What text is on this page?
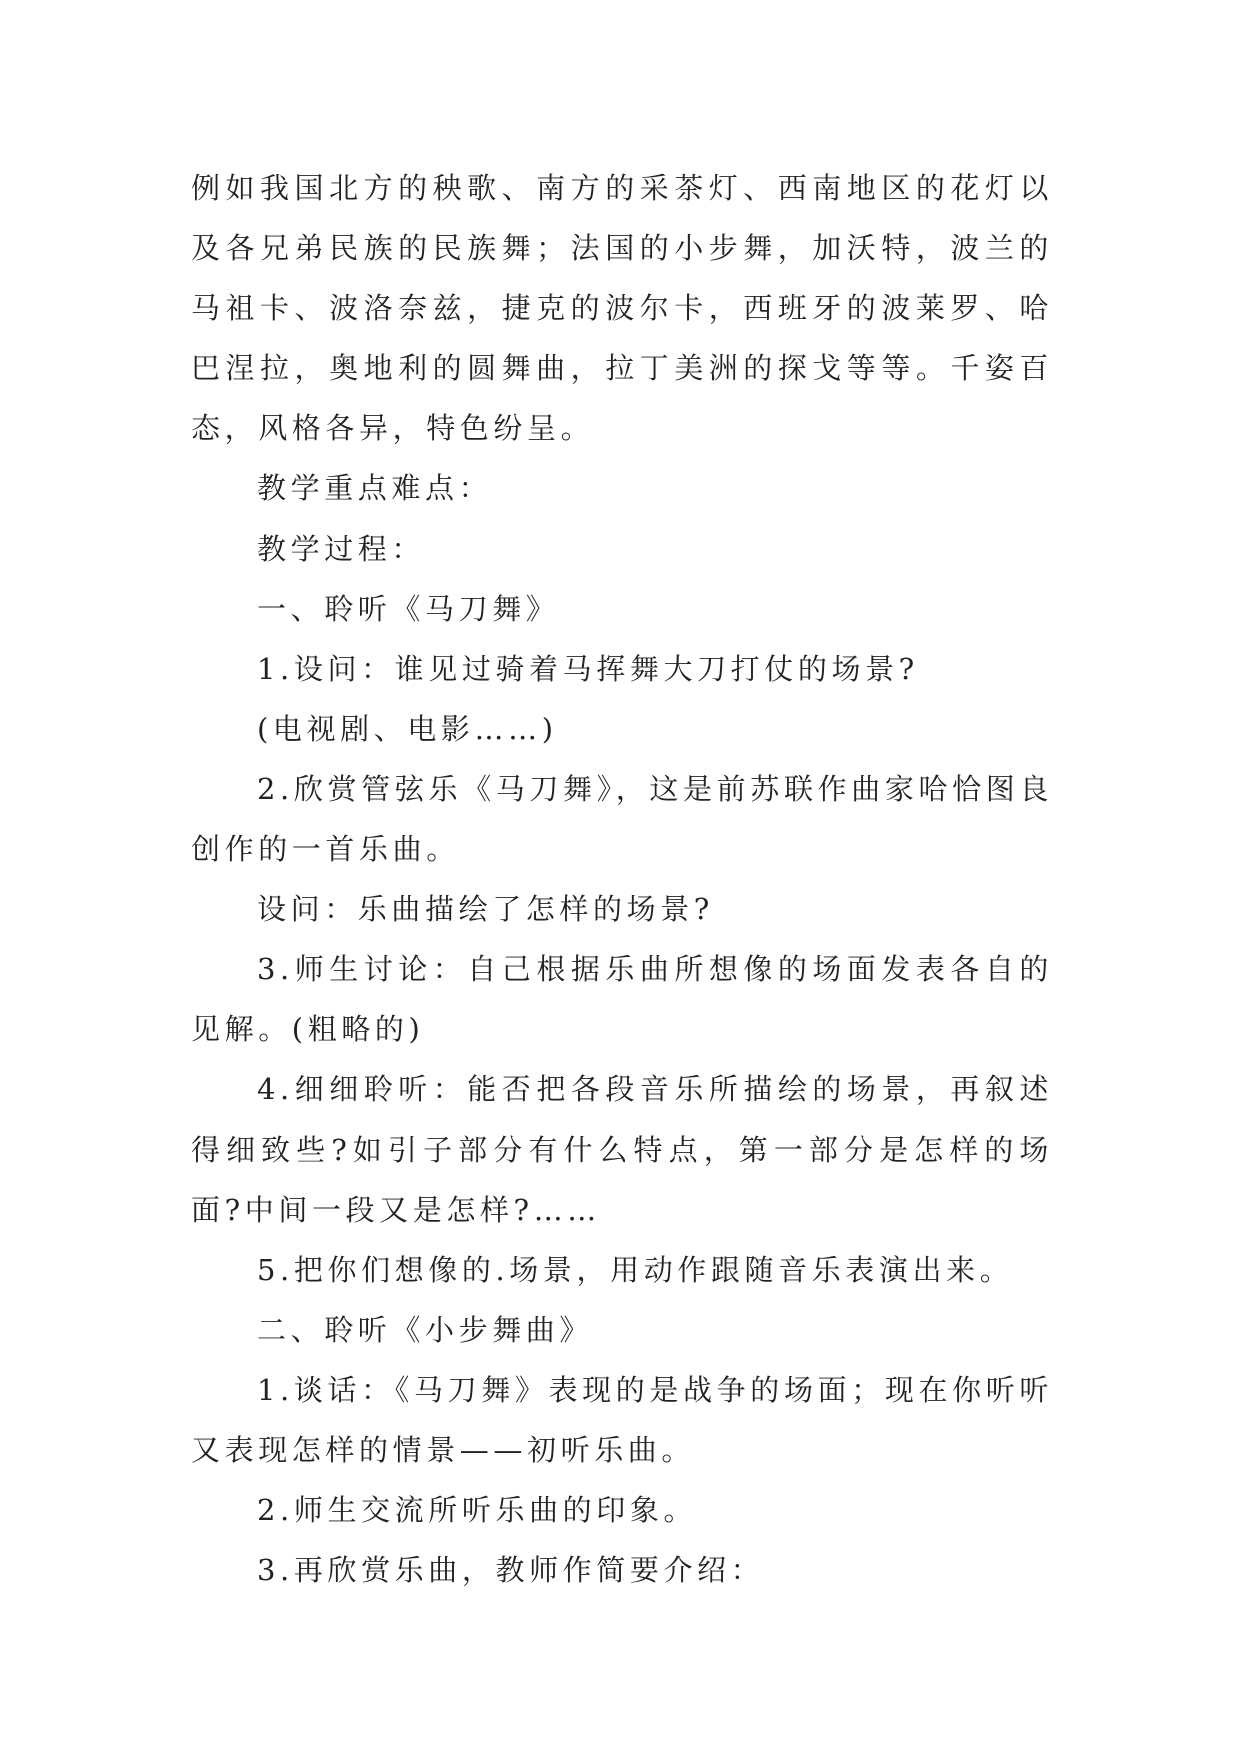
例如我国北方的秧歌、南方的采茶灯、西南地区的花灯以及各兄弟民族的民族舞；法国的小步舞，加沃特，波兰的马祖卡、波洛奈兹，捷克的波尔卡，西班牙的波莱罗、哈巴涅拉，奥地利的圆舞曲，拉丁美洲的探戈等等。千姿百态，风格各异，特色纷呈。

教学重点难点：

教学过程：

一、聆听《马刀舞》

1.设问：谁见过骑着马挥舞大刀打仗的场景?

(电视剧、电影……)

2.欣赏管弦乐《马刀舞》，这是前苏联作曲家哈恰图良创作的一首乐曲。

设问：乐曲描绘了怎样的场景?

3.师生讨论：自己根据乐曲所想像的场面发表各自的见解。(粗略的)

4.细细聆听：能否把各段音乐所描绘的场景，再叙述得细致些?如引子部分有什么特点，第一部分是怎样的场面?中间一段又是怎样?……

5.把你们想像的.场景，用动作跟随音乐表演出来。

二、聆听《小步舞曲》

1.谈话：《马刀舞》表现的是战争的场面；现在你听听又表现怎样的情景——初听乐曲。

2.师生交流所听乐曲的印象。

3.再欣赏乐曲，教师作简要介绍：
